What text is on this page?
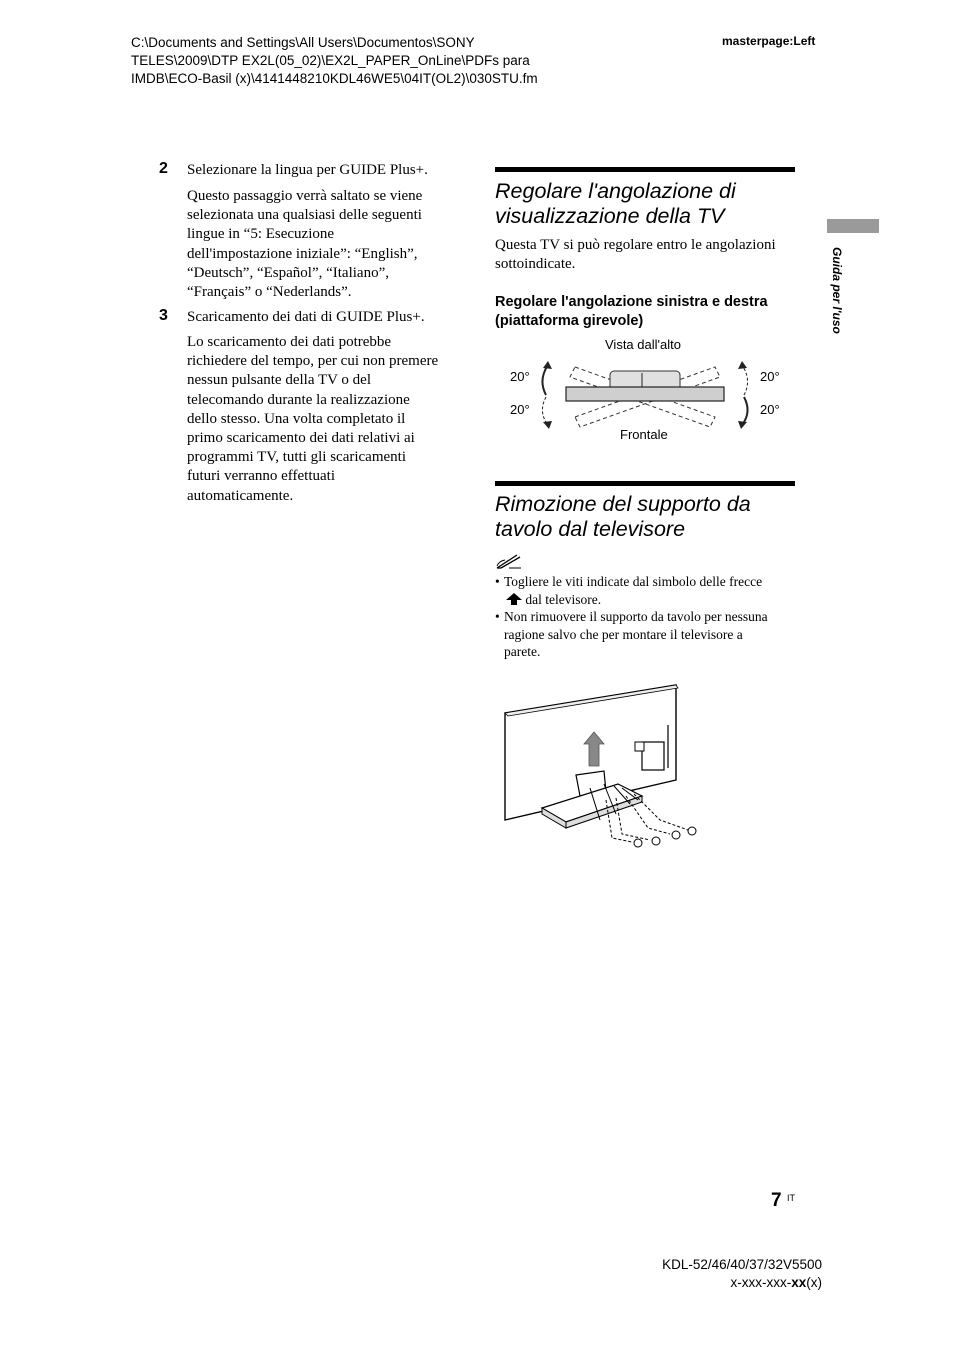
C:\Documents and Settings\All Users\Documentos\SONY
TELES\2009\DTP EX2L(05_02)\EX2L_PAPER_OnLine\PDFs para
IMDB\ECO-Basil (x)\4141448210KDL46WE5\04IT(OL2)\030STU.fm
masterpage:Left
Guida per l'uso
2 Selezionare la lingua per GUIDE Plus+.
Questo passaggio verrà saltato se viene
selezionata una qualsiasi delle seguenti
lingue in “5: Esecuzione
dell'impostazione iniziale”: “English”,
“Deutsch”, “Español”, “Italiano”,
“Français” o “Nederlands”.
3 Scaricamento dei dati di GUIDE Plus+.
Lo scaricamento dei dati potrebbe
richiedere del tempo, per cui non premere
nessun pulsante della TV o del
telecomando durante la realizzazione
dello stesso. Una volta completato il
primo scaricamento dei dati relativi ai
programmi TV, tutti gli scaricamenti
futuri verranno effettuati
automaticamente.
Regolare l'angolazione di
visualizzazione della TV
Questa TV si può regolare entro le angolazioni
sottoindicate.
Regolare l'angolazione sinistra e destra
(piattaforma girevole)
Vista dall'alto
Frontale
20°
20°
20°
20°
Rimozione del supporto da
tavolo dal televisore
• Togliere le viti indicate dal simbolo delle frecce
dal televisore.
• Non rimuovere il supporto da tavolo per nessuna
ragione salvo che per montare il televisore a
parete.
7 IT
KDL-52/46/40/37/32V5500
x-xxx-xxx-xx(x)
